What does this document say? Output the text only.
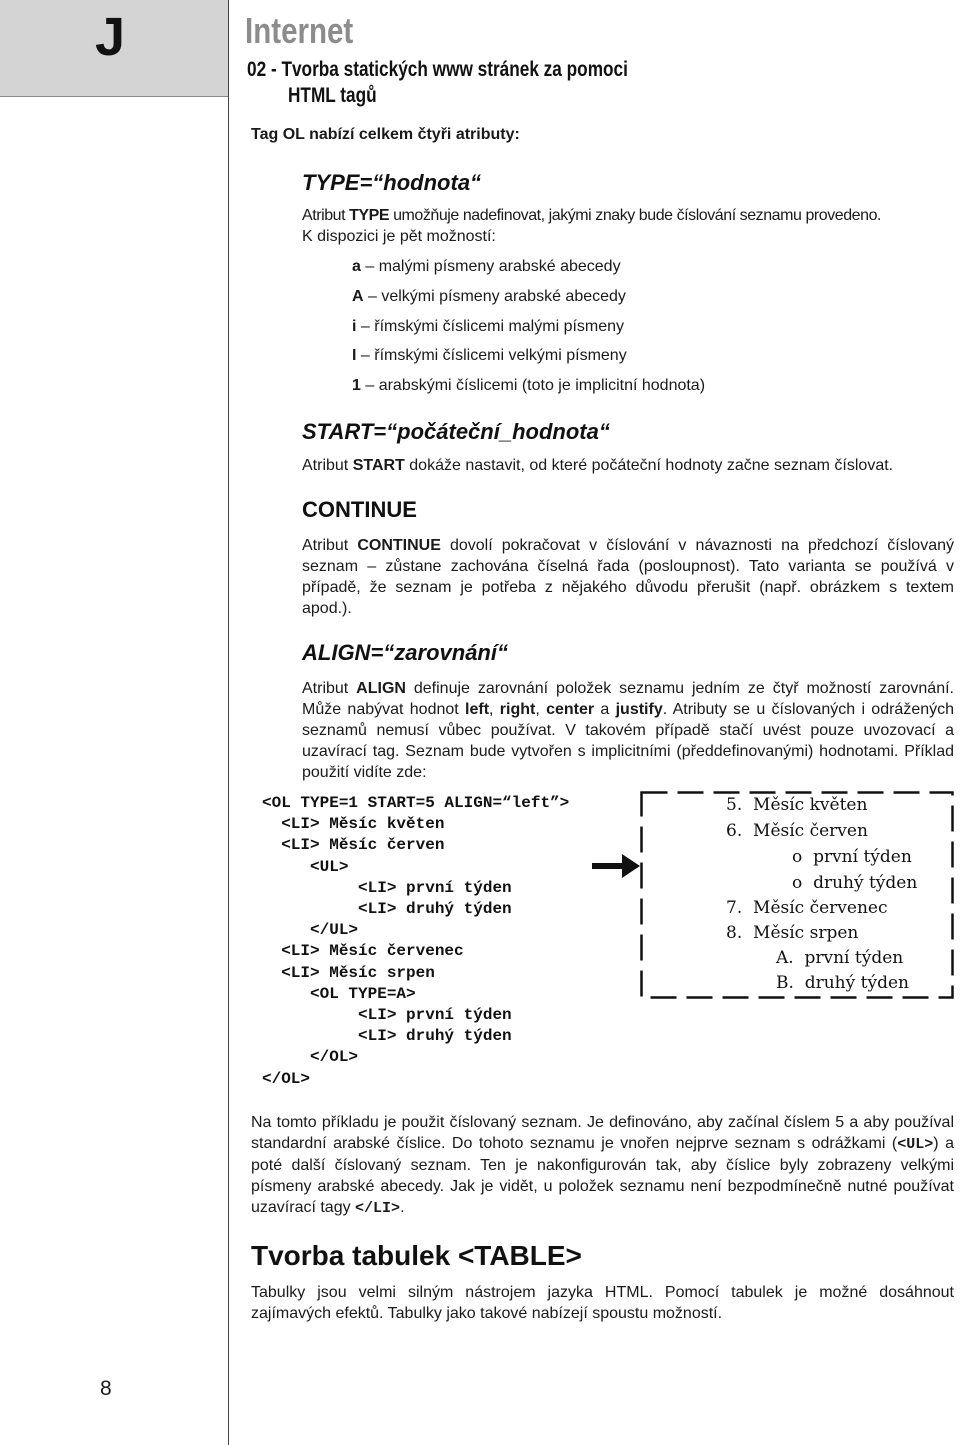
J
8
Internet
02 - Tvorba statických www stránek za pomoci
HTML tagů
Tag OL nabízí celkem čtyři atributy:
TYPE=“hodnota“
Atribut TYPE umožňuje nadefinovat, jakými znaky bude číslování seznamu provedeno.
K dispozici je pět možností:
a – malými písmeny arabské abecedy
A – velkými písmeny arabské abecedy
i – římskými číslicemi malými písmeny
I – římskými číslicemi velkými písmeny
1 – arabskými číslicemi (toto je implicitní hodnota)
START=“počáteční_hodnota“
Atribut START dokáže nastavit, od které počáteční hodnoty začne seznam číslovat.
CONTINUE
Atribut CONTINUE dovolí pokračovat v číslování v návaznosti na předchozí číslovaný seznam – zůstane zachována číselná řada (posloupnost). Tato varianta se používá v případě, že seznam je potřeba z nějakého důvodu přerušit (např. obrázkem s textem apod.).
ALIGN=“zarovnání“
Atribut ALIGN definuje zarovnání položek seznamu jedním ze čtyř možností zarovnání. Může nabývat hodnot left, right, center a justify. Atributy se u číslovaných i odrážených seznamů nemusí vůbec používat. V takovém případě stačí uvést pouze uvozovací a uzavírací tag. Seznam bude vytvořen s implicitními (předdefinovanými) hodnotami. Příklad použití vidíte zde:
<OL TYPE=1 START=5 ALIGN=“left”>
<LI> Měsíc květen
<LI> Měsíc červen
<UL>
<LI> první týden
<LI> druhý týden
</UL>
<LI> Měsíc červenec
<LI> Měsíc srpen
<OL TYPE=A>
<LI> první týden
<LI> druhý týden
</OL>
</OL>
5. Měsíc květen
6. Měsíc červen
o první týden
o druhý týden
7. Měsíc červenec
8. Měsíc srpen
A. první týden
B. druhý týden
Na tomto příkladu je použit číslovaný seznam. Je definováno, aby začínal číslem 5 a aby používal standardní arabské číslice. Do tohoto seznamu je vnořen nejprve seznam s odrážkami (<UL>) a poté další číslovaný seznam. Ten je nakonfigurován tak, aby číslice byly zobrazeny velkými písmeny arabské abecedy. Jak je vidět, u položek seznamu není bezpodmínečně nutné používat uzavírací tagy </LI>.
Tvorba tabulek <TABLE>
Tabulky jsou velmi silným nástrojem jazyka HTML. Pomocí tabulek je možné dosáhnout zajímavých efektů. Tabulky jako takové nabízejí spoustu možností.
